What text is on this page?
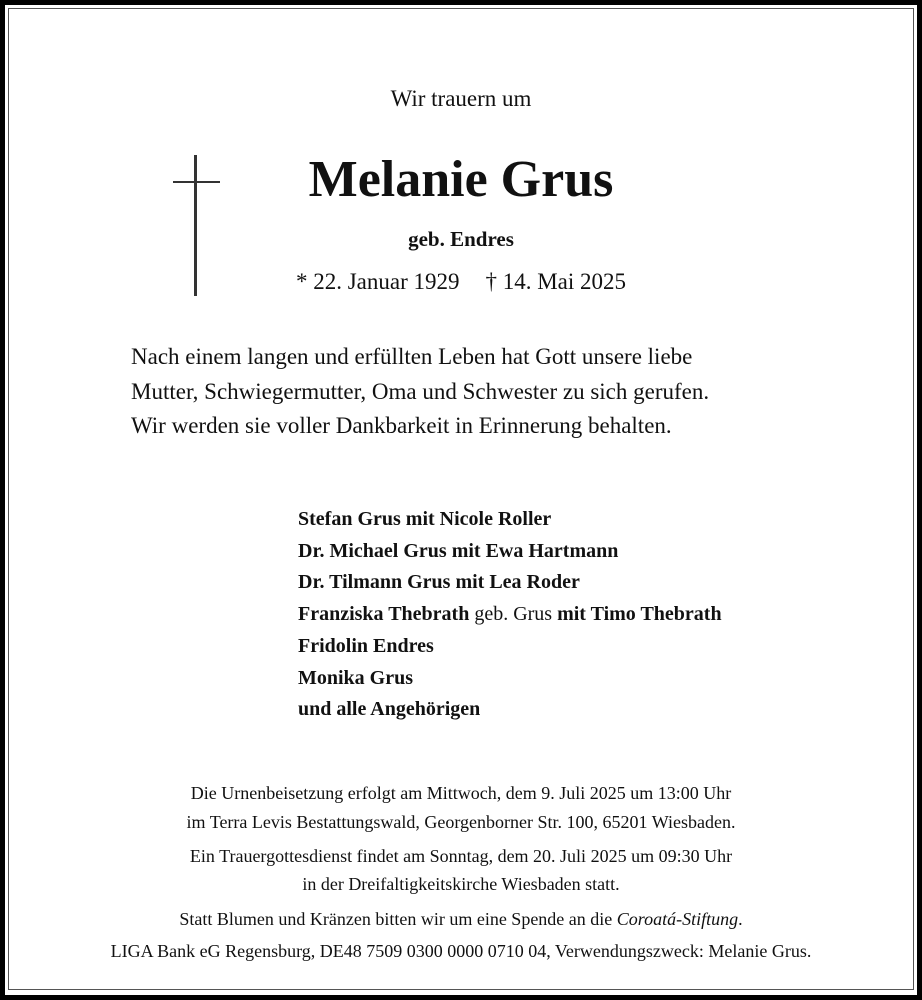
Wir trauern um
Melanie Grus
geb. Endres
* 22. Januar 1929 † 14. Mai 2025
Nach einem langen und erfüllten Leben hat Gott unsere liebe
Mutter, Schwiegermutter, Oma und Schwester zu sich gerufen.
Wir werden sie voller Dankbarkeit in Erinnerung behalten.
Stefan Grus mit Nicole Roller
Dr. Michael Grus mit Ewa Hartmann
Dr. Tilmann Grus mit Lea Roder
Franziska Thebrath geb. Grus mit Timo Thebrath
Fridolin Endres
Monika Grus
und alle Angehörigen
Die Urnenbeisetzung erfolgt am Mittwoch, dem 9. Juli 2025 um 13:00 Uhr
im Terra Levis Bestattungswald, Georgenborner Str. 100, 65201 Wiesbaden.
Ein Trauergottesdienst findet am Sonntag, dem 20. Juli 2025 um 09:30 Uhr
in der Dreifaltigkeitskirche Wiesbaden statt.
Statt Blumen und Kränzen bitten wir um eine Spende an die Coroatá-Stiftung.
LIGA Bank eG Regensburg, DE48 7509 0300 0000 0710 04, Verwendungszweck: Melanie Grus.
